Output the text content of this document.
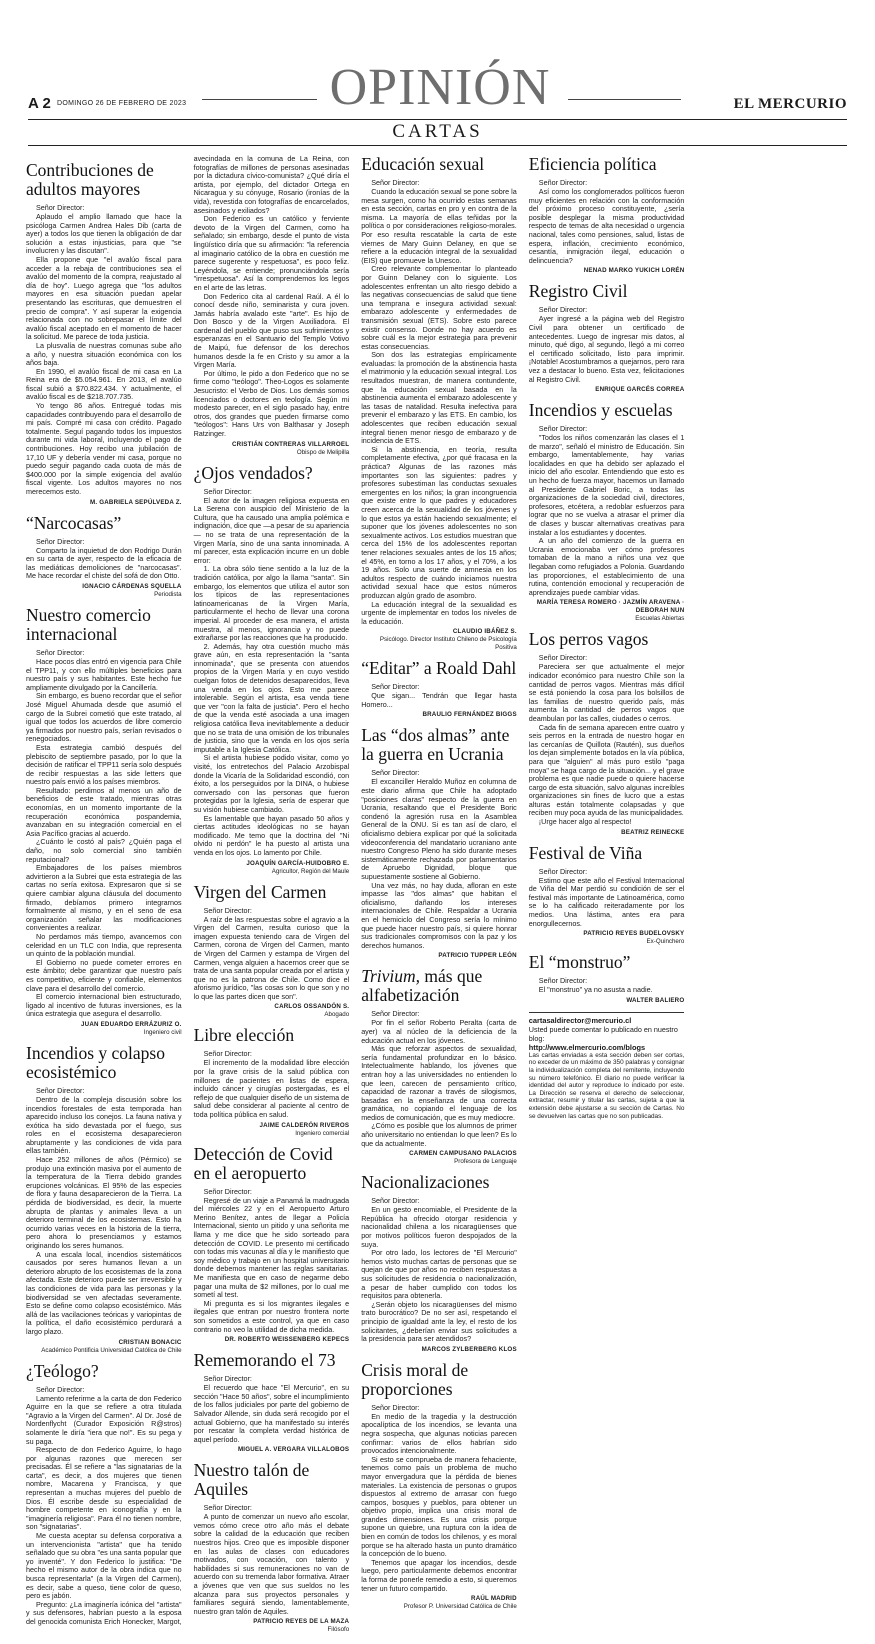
A 2 DOMINGO 26 DE FEBRERO DE 2023	OPINIÓN	EL MERCURIO
CARTAS
Contribuciones de adultos mayores
Señor Director:

Aplaudo el amplio llamado que hace la psicóloga Carmen Andrea Hales Dib (carta de ayer) a todos los que tienen la obligación de dar solución a estas injusticias, para que "se involucren y las discutan".

Ella propone que "el avalúo fiscal para acceder a la rebaja de contribuciones sea el avalúo del momento de la compra, reajustado al día de hoy". Luego agrega que "los adultos mayores en esa situación puedan apelar presentando las escrituras, que demuestren el precio de compra". Y así superar la exigencia relacionada con no sobrepasar el límite del avalúo fiscal aceptado en el momento de hacer la solicitud. Me parece de toda justicia.

La plusvalía de nuestras comunas sube año a año, y nuestra situación económica con los años baja.

En 1990, el avalúo fiscal de mi casa en La Reina era de $5.054.961. En 2013, el avalúo fiscal subió a $70.822.434. Y actualmente, el avalúo fiscal es de $218.707.735.

Yo tengo 86 años. Entregué todas mis capacidades contribuyendo para el desarrollo de mi país. Compré mi casa con crédito. Pagado totalmente. Seguí pagando todos los impuestos durante mi vida laboral, incluyendo el pago de contribuciones. Hoy recibo una jubilación de 17,10 UF y debería vender mi casa, porque no puedo seguir pagando cada cuota de más de $400.000 por la simple exigencia del avalúo fiscal vigente. Los adultos mayores no nos merecemos esto.

M. GABRIELA SEPÚLVEDA Z.
“Narcocasas”
Señor Director:

Comparto la inquietud de don Rodrigo Durán en su carta de ayer, respecto de la eficacia de las mediáticas demoliciones de "narcocasas". Me hace recordar el chiste del sofá de don Otto.

IGNACIO CÁRDENAS SQUELLA
Periodista
Nuestro comercio internacional
Señor Director:

Hace pocos días entró en vigencia para Chile el TPP11, y con ello múltiples beneficios para nuestro país y sus habitantes. Este hecho fue ampliamente divulgado por la Cancillería.

Sin embargo, es bueno recordar que el señor José Miguel Ahumada desde que asumió el cargo de la Subrei cometió que este tratado, al igual que todos los acuerdos de libre comercio ya firmados por nuestro país, serían revisados o renegociados.

Esta estrategia cambió después del plebiscito de septiembre pasado, por lo que la decisión de ratificar el TPP11 sería solo después de recibir respuestas a las side letters que nuestro país envió a los países miembros.

Resultado: perdimos al menos un año de beneficios de este tratado, mientras otras economías, en un momento importante de la recuperación económica pospandemia, avanzaban en su integración comercial en el Asia Pacífico gracias al acuerdo.

¿Cuánto le costó al país? ¿Quién paga el daño, no solo comercial sino también reputacional?

Embajadores de los países miembros advirtieron a la Subrei que esta estrategia de las cartas no sería exitosa. Expresaron que si se quiere cambiar alguna cláusula del documento firmado, debíamos primero integrarnos formalmente al mismo, y en el seno de esa organización señalar las modificaciones convenientes a realizar.

No perdamos más tiempo, avancemos con celeridad en un TLC con India, que representa un quinto de la población mundial.

El Gobierno no puede cometer errores en este ámbito; debe garantizar que nuestro país es competitivo, eficiente y confiable, elementos clave para el desarrollo del comercio.

El comercio internacional bien estructurado, ligado al incentivo de futuras inversiones, es la única estrategia que asegura el desarrollo.

JUAN EDUARDO ERRÁZURIZ O.
Ingeniero civil
Incendios y colapso ecosistémico
Señor Director:

Dentro de la compleja discusión sobre los incendios forestales de esta temporada han aparecido incluso los conejos. La fauna nativa y exótica ha sido devastada por el fuego, sus roles en el ecosistema desaparecieron abruptamente y las condiciones de vida para ellas también.

Hace 252 millones de años (Pérmico) se produjo una extinción masiva por el aumento de la temperatura de la Tierra debido grandes erupciones volcánicas. El 95% de las especies de flora y fauna desaparecieron de la Tierra. La pérdida de biodiversidad, es decir, la muerte abrupta de plantas y animales lleva a un deterioro terminal de los ecosistemas. Esto ha ocurrido varias veces en la historia de la tierra, pero ahora lo presenciamos y estamos originando los seres humanos.

A una escala local, incendios sistemáticos causados por seres humanos llevan a un deterioro abrupto de los ecosistemas de la zona afectada. Este deterioro puede ser irreversible y las condiciones de vida para las personas y la biodiversidad se ven afectadas severamente. Esto se define como colapso ecosistémico. Más allá de las vacilaciones teóricas y variopintas de la política, el daño ecosistémico perdurará a largo plazo.

CRISTIAN BONACIC
Académico Pontificia Universidad Católica de Chile
¿Teólogo?
Señor Director:

Lamento referirme a la carta de don Federico Aguirre en la que se refiere a otra titulada "Agravio a la Virgen del Carmen". Al Dr. José de Nordenflycht (Curador Exposición R@stros) solamente le diría "iera que no!". Es su pega y su paga.

Respecto de don Federico Aguirre, lo hago por algunas razones que merecen ser precisadas. Él se refiere a "las signatarias de la carta", es decir, a dos mujeres que tienen nombre, Macarena y Francisca, y que representan a muchas mujeres del pueblo de Dios. Él escribe desde su especialidad de hombre competente en iconografía y en la "imaginería religiosa". Para él no tienen nombre, son "signatarias".

Me cuesta aceptar su defensa corporativa a un intervencionista "artista" que ha tenido señalado que su obra "es una santa popular que yo inventé". Y don Federico lo justifica: "De hecho el mismo autor de la obra indica que no busca representarla" (a la Virgen del Carmen), es decir, sabe a queso, tiene color de queso, pero es jabón.

Pregunto: ¿La imaginería icónica del "artista" y sus defensores, habrían puesto a la esposa del genocida comunista Erich Honecker, Margot, avecindada en la comuna de La Reina, con fotografías de millones de personas asesinadas por la dictadura cívico-comunista? ¿Qué diría el artista, por ejemplo, del dictador Ortega en Nicaragua y su cónyuge, Rosario (ironías de la vida), revestida con fotografías de encarcelados, asesinados y exiliados?

Don Federico es un católico y ferviente devoto de la Virgen del Carmen, como ha señalado; sin embargo, desde el punto de vista lingüístico diría que su afirmación: "la referencia al imaginario católico de la obra en cuestión me parece sugerente y respetuosa", es poco feliz. Leyéndola, se entiende; pronunciándola sería "irrespetuosa". Así la comprendemos los legos en el arte de las letras.

Don Federico cita al cardenal Raúl. A él lo conocí desde niño, seminarista y cura joven. Jamás habría avalado este "arte". Es hijo de Don Bosco y de la Virgen Auxiliadora. El cardenal del pueblo que puso sus sufrimientos y esperanzas en el Santuario del Templo Votivo de Maipú, fue defensor de los derechos humanos desde la fe en Cristo y su amor a la Virgen María.

Por último, le pido a don Federico que no se firme como "teólogo". Theo-Logos es solamente Jesucristo: el Verbo de Dios. Los demás somos licenciados o doctores en teología. Según mi modesto parecer, en el siglo pasado hay, entre otros, dos grandes que pueden firmarse como "teólogos": Hans Urs von Balthasar y Joseph Ratzinger.

CRISTIÁN CONTRERAS VILLARROEL
Obispo de Melipilla
¿Ojos vendados?
Señor Director:

El autor de la imagen religiosa expuesta en La Serena con auspicio del Ministerio de la Cultura, que ha causado una amplia polémica e indignación, dice que —a pesar de su apariencia— no se trata de una representación de la Virgen María, sino de una santa innominada. A mí parecer, esta explicación incurre en un doble error:

1. La obra sólo tiene sentido a la luz de la tradición católica, por algo la llama "santa". Sin embargo, los elementos que utiliza el autor son los típicos de las representaciones latinoamericanas de la Virgen María, particularmente el hecho de llevar una corona imperial. Al proceder de esa manera, el artista muestra, al menos, ignorancia y no puede extrañarse por las reacciones que ha producido.

2. Además, hay otra cuestión mucho más grave aún, en esta representación la "santa innominada", que se presenta con atuendos propios de la Virgen María y en cuyo vestido cuelgan fotos de detenidos desaparecidos, lleva una venda en los ojos. Esto me parece intolerable. Según el artista, esa venda tiene que ver "con la falta de justicia". Pero el hecho de que la venda esté asociada a una imagen religiosa católica lleva inevitablemente a deducir que no se trata de una omisión de los tribunales de justicia, sino que la venda en los ojos sería imputable a la Iglesia Católica.

Si el artista hubiese podido visitar, como yo visité, los entretechos del Palacio Arzobispal donde la Vicaría de la Solidaridad escondió, con éxito, a los perseguidos por la DINA, o hubiese conversado con las personas que fueron protegidas por la Iglesia, sería de esperar que su visión hubiese cambiado.

Es lamentable que hayan pasado 50 años y ciertas actitudes ideológicas no se hayan modificado. Me temo que la doctrina del "Ni olvido ni perdón" le ha puesto al artista una venda en los ojos. Lo lamento por Chile.

JOAQUÍN GARCÍA-HUIDOBRO E.
Agricultor, Región del Maule
Virgen del Carmen
Señor Director:

A raíz de las respuestas sobre el agravio a la Virgen del Carmen, resulta curioso que la imagen expuesta teniendo cara de Virgen del Carmen, corona de Virgen del Carmen, manto de Virgen del Carmen y estampa de Virgen del Carmen, venga alguien a hacernos creer que se trata de una santa popular creada por el artista y que no es la patrona de Chile. Como dice el aforismo jurídico, "las cosas son lo que son y no lo que las partes dicen que son".

CARLOS OSSANDÓN S.
Abogado
Libre elección
Señor Director:

El incremento de la modalidad libre elección por la grave crisis de la salud pública con millones de pacientes en listas de espera, incluido cáncer y cirugías postergadas, es el reflejo de que cualquier diseño de un sistema de salud debe considerar al paciente al centro de toda política pública en salud.

JAIME CALDERÓN RIVEROS
Ingeniero comercial
Detección de Covid en el aeropuerto
Señor Director:

Regresé de un viaje a Panamá la madrugada del miércoles 22 y en el Aeropuerto Arturo Merino Benítez, antes de llegar a Policía Internacional, siento un pitido y una señorita me llama y me dice que he sido sorteado para detección de COVID. Le presento mi certificado con todas mis vacunas al día y le manifiesto que soy médico y trabajo en un hospital universitario donde debemos mantener las reglas sanitarias. Me manifiesta que en caso de negarme debo pagar una multa de $2 millones, por lo cual me sometí al test.

Mi pregunta es si los migrantes ilegales e ilegales que entran por nuestro frontera norte son sometidos a este control, ya que en caso contrario no veo la utilidad de dicha medida.

DR. ROBERTO WEISSENBERG KEPECS
Rememorando el 73
Señor Director:

El recuerdo que hace "El Mercurio", en su sección "Hace 50 años", sobre el incumplimiento de los fallos judiciales por parte del gobierno de Salvador Allende, sin duda será recogido por el actual Gobierno, que ha manifestado su interés por rescatar la completa verdad histórica de aquel período.

MIGUEL A. VERGARA VILLALOBOS
Nuestro talón de Aquiles
Señor Director:

A punto de comenzar un nuevo año escolar, vemos cómo crece otro año más el debate sobre la calidad de la educación que reciben nuestros hijos. Creo que es imposible disponer en las aulas de clases con educadores motivados, con vocación, con talento y habilidades si sus remuneraciones no van de acuerdo con su tremenda labor formativa. Atraer a jóvenes que ven que sus sueldos no les alcanza para sus proyectos personales y familiares seguirá siendo, lamentablemente, nuestro gran talón de Aquiles.

PATRICIO REYES DE LA MAZA
Filósofo
Educación sexual
Señor Director:

Cuando la educación sexual se pone sobre la mesa surgen, como ha ocurrido estas semanas en esta sección, cartas en pro y en contra de la misma. La mayoría de ellas teñidas por la política o por consideraciones religioso-morales. Por eso resulta rescatable la carta de este viernes de Mary Guinn Delaney, en que se refiere a la educación integral de la sexualidad (EIS) que promueve la Unesco.

Creo relevante complementar lo planteado por Guinn Delaney con lo siguiente. Los adolescentes enfrentan un alto riesgo debido a las negativas consecuencias de salud que tiene una temprana e insegura actividad sexual: embarazo adolescente y enfermedades de transmisión sexual (ETS). Sobre esto parece existir consenso. Donde no hay acuerdo es sobre cuál es la mejor estrategia para prevenir estas consecuencias.

Son dos las estrategias empíricamente evaluadas: la promoción de la abstinencia hasta el matrimonio y la educación sexual integral. Los resultados muestran, de manera contundente, que la educación sexual basada en la abstinencia aumenta el embarazo adolescente y las tasas de natalidad. Resulta inefectiva para prevenir el embarazo y las ETS. En cambio, los adolescentes que reciben educación sexual integral tienen menor riesgo de embarazo y de incidencia de ETS.

Si la abstinencia, en teoría, resulta completamente efectiva, ¿por qué fracasa en la práctica? Algunas de las razones más importantes son las siguientes: padres y profesores subestiman las conductas sexuales emergentes en los niños; la gran incongruencia que existe entre lo que padres y educadores creen acerca de la sexualidad de los jóvenes y lo que estos ya están haciendo sexualmente; el suponer que los jóvenes adolescentes no son sexualmente activos. Los estudios muestran que cerca del 15% de los adolescentes reportan tener relaciones sexuales antes de los 15 años; el 45%, en torno a los 17 años, y el 70%, a los 19 años. Solo una suerte de amnesia en los adultos respecto de cuándo iniciamos nuestra actividad sexual hace que estos números produzcan algún grado de asombro.

La educación integral de la sexualidad es urgente de implementar en todos los niveles de la educación.

CLAUDIO IBÁÑEZ S.
Psicólogo. Director Instituto Chileno de Psicología Positiva
“Editar” a Roald Dahl
Señor Director:

Que sigan... Tendrán que llegar hasta Homero...

BRAULIO FERNÁNDEZ BIGGS
Las “dos almas” ante la guerra en Ucrania
Señor Director:

El excanciller Heraldo Muñoz en columna de este diario afirma que Chile ha adoptado "posiciones claras" respecto de la guerra en Ucrania, resaltando que el Presidente Boric condenó la agresión rusa en la Asamblea General de la ONU. Si es tan así de claro, el oficialismo debiera explicar por qué la solicitada videoconferencia del mandatario ucraniano ante nuestro Congreso Pleno ha sido durante meses sistemáticamente rechazada por parlamentarios de Apruebo Dignidad, bloque que supuestamente sostiene al Gobierno.

Una vez más, no hay duda, afloran en este impasse las "dos almas" que habitan el oficialismo, dañando los intereses internacionales de Chile. Respaldar a Ucrania en el hemiciclo del Congreso sería lo mínimo que puede hacer nuestro país, si quiere honrar sus tradicionales compromisos con la paz y los derechos humanos.

PATRICIO TUPPER LEÓN
Trivium, más que alfabetización
Señor Director:

Por fin el señor Roberto Peralta (carta de ayer) va al núcleo de la deficiencia de la educación actual en los jóvenes.

Más que reforzar aspectos de sexualidad, sería fundamental profundizar en lo básico. Intelectualmente hablando, los jóvenes que entran hoy a las universidades no entienden lo que leen, carecen de pensamiento crítico, capacidad de razonar a través de silogismos, basadas en la enseñanza de una correcta gramática, no copiando el lenguaje de los medios de comunicación, que es muy mediocre.

¿Cómo es posible que los alumnos de primer año universitario no entiendan lo que leen? Es lo que da actualmente.

CARMEN CAMPUSANO PALACIOS
Profesora de Lenguaje
Nacionalizaciones
Señor Director:

En un gesto encomiable, el Presidente de la República ha ofrecido otorgar residencia y nacionalidad chilena a los nicaragüenses que por motivos políticos fueron despojados de la suya.

Por otro lado, los lectores de "El Mercurio" hemos visto muchas cartas de personas que se quejan de que por años no reciben respuestas a sus solicitudes de residencia o nacionalización, a pesar de haber cumplido con todos los requisitos para obtenerla.

¿Serán objeto los nicaragüenses del mismo trato burocrático? De no ser así, respetando el principio de igualdad ante la ley, el resto de los solicitantes, ¿deberían enviar sus solicitudes a la presidencia para ser atendidos?

MARCOS ZYLBERBERG KLOS
Crisis moral de proporciones
Señor Director:

En medio de la tragedia y la destrucción apocalíptica de los incendios, se levanta una negra sospecha, que algunas noticias parecen confirmar: varios de ellos habrían sido provocados intencionalmente.

Si esto se comprueba de manera fehaciente, tenemos como país un problema de mucho mayor envergadura que la pérdida de bienes materiales. La existencia de personas o grupos dispuestos al extremo de arrasar con fuego campos, bosques y pueblos, para obtener un objetivo propio, implica una crisis moral de grandes dimensiones. Es una crisis porque supone un quiebre, una ruptura con la idea de bien en común de todos los chilenos, y es moral porque se ha alterado hasta un punto dramático la concepción de lo bueno.

Tenemos que apagar los incendios, desde luego, pero particularmente debemos encontrar la forma de ponerle remedio a esto, si queremos tener un futuro compartido.

RAÚL MADRID
Profesor P. Universidad Católica de Chile
Eficiencia política
Señor Director:

Así como los conglomerados políticos fueron muy eficientes en relación con la conformación del próximo proceso constituyente, ¿sería posible desplegar la misma productividad respecto de temas de alta necesidad o urgencia nacional, tales como pensiones, salud, listas de espera, inflación, crecimiento económico, cesantía, inmigración ilegal, educación o delincuencia?

NENAD MARKO YUKICH LORÉN
Registro Civil
Señor Director:

Ayer ingresé a la página web del Registro Civil para obtener un certificado de antecedentes. Luego de ingresar mis datos, al minuto, qué digo, al segundo, llegó a mi correo el certificado solicitado, listo para imprimir. ¡Notable! Acostumbramos a quejarnos, pero rara vez a destacar lo bueno. Esta vez, felicitaciones al Registro Civil.

ENRIQUE GARCÉS CORREA
Incendios y escuelas
Señor Director:

"Todos los niños comenzarán las clases el 1 de marzo", señaló el ministro de Educación. Sin embargo, lamentablemente, hay varias localidades en que ha debido ser aplazado el inicio del año escolar. Entendiendo que esto es un hecho de fuerza mayor, hacemos un llamado al Presidente Gabriel Boric, a todas las organizaciones de la sociedad civil, directores, profesores, etcétera, a redoblar esfuerzos para lograr que no se vuelva a atrasar el primer día de clases y buscar alternativas creativas para instalar a los estudiantes y docentes.

A un año del comienzo de la guerra en Ucrania emocionaba ver cómo profesores tomaban de la mano a niños una vez que llegaban como refugiados a Polonia. Guardando las proporciones, el establecimiento de una rutina, contención emocional y recuperación de aprendizajes puede cambiar vidas.

MARÍA TERESA ROMERO · JAZMÍN ARAVENA · DEBORAH NUN
Escuelas Abiertas
Los perros vagos
Señor Director:

Pareciera ser que actualmente el mejor indicador económico para nuestro Chile son la cantidad de perros vagos. Mientras más difícil se está poniendo la cosa para los bolsillos de las familias de nuestro querido país, más aumenta la cantidad de perros vagos que deambulan por las calles, ciudades o cerros.

Cada fin de semana aparecen entre cuatro y seis perros en la entrada de nuestro hogar en las cercanías de Quillota (Rautén), sus dueños los dejan simplemente botados en la vía pública, para que "alguien" al más puro estilo "paga moya" se haga cargo de la situación... y el grave problema es que nadie puede o quiere hacerse cargo de esta situación, salvo algunas increíbles organizaciones sin fines de lucro que a estas alturas están totalmente colapsadas y que reciben muy poca ayuda de las municipalidades.

¡Urge hacer algo al respecto!

BEATRIZ REINECKE
Festival de Viña
Señor Director:

Estimo que este año el Festival Internacional de Viña del Mar perdió su condición de ser el festival más importante de Latinoamérica, como se lo ha calificado reiteradamente por los medios. Una lástima, antes era para enorgullecernos.

PATRICIO REYES BUDELOVSKY
Ex-Quinchero
El “monstruo”
Señor Director:

El "monstruo" ya no asusta a nadie.

WALTER BALIERO
cartasaldirector@mercurio.cl
Usted puede comentar lo publicado en nuestro blog:
http://www.elmercurio.com/blogs
Las cartas enviadas a esta sección deben ser cortas, no exceder de un máximo de 350 palabras y consignar la individualización completa del remitente, incluyendo su número telefónico. El diario no puede verificar la identidad del autor y reproduce lo indicado por este. La Dirección se reserva el derecho de seleccionar, extractar, resumir y titular las cartas, sujeta a que la extensión debe ajustarse a su sección de Cartas. No se devuelven las cartas que no son publicadas.
